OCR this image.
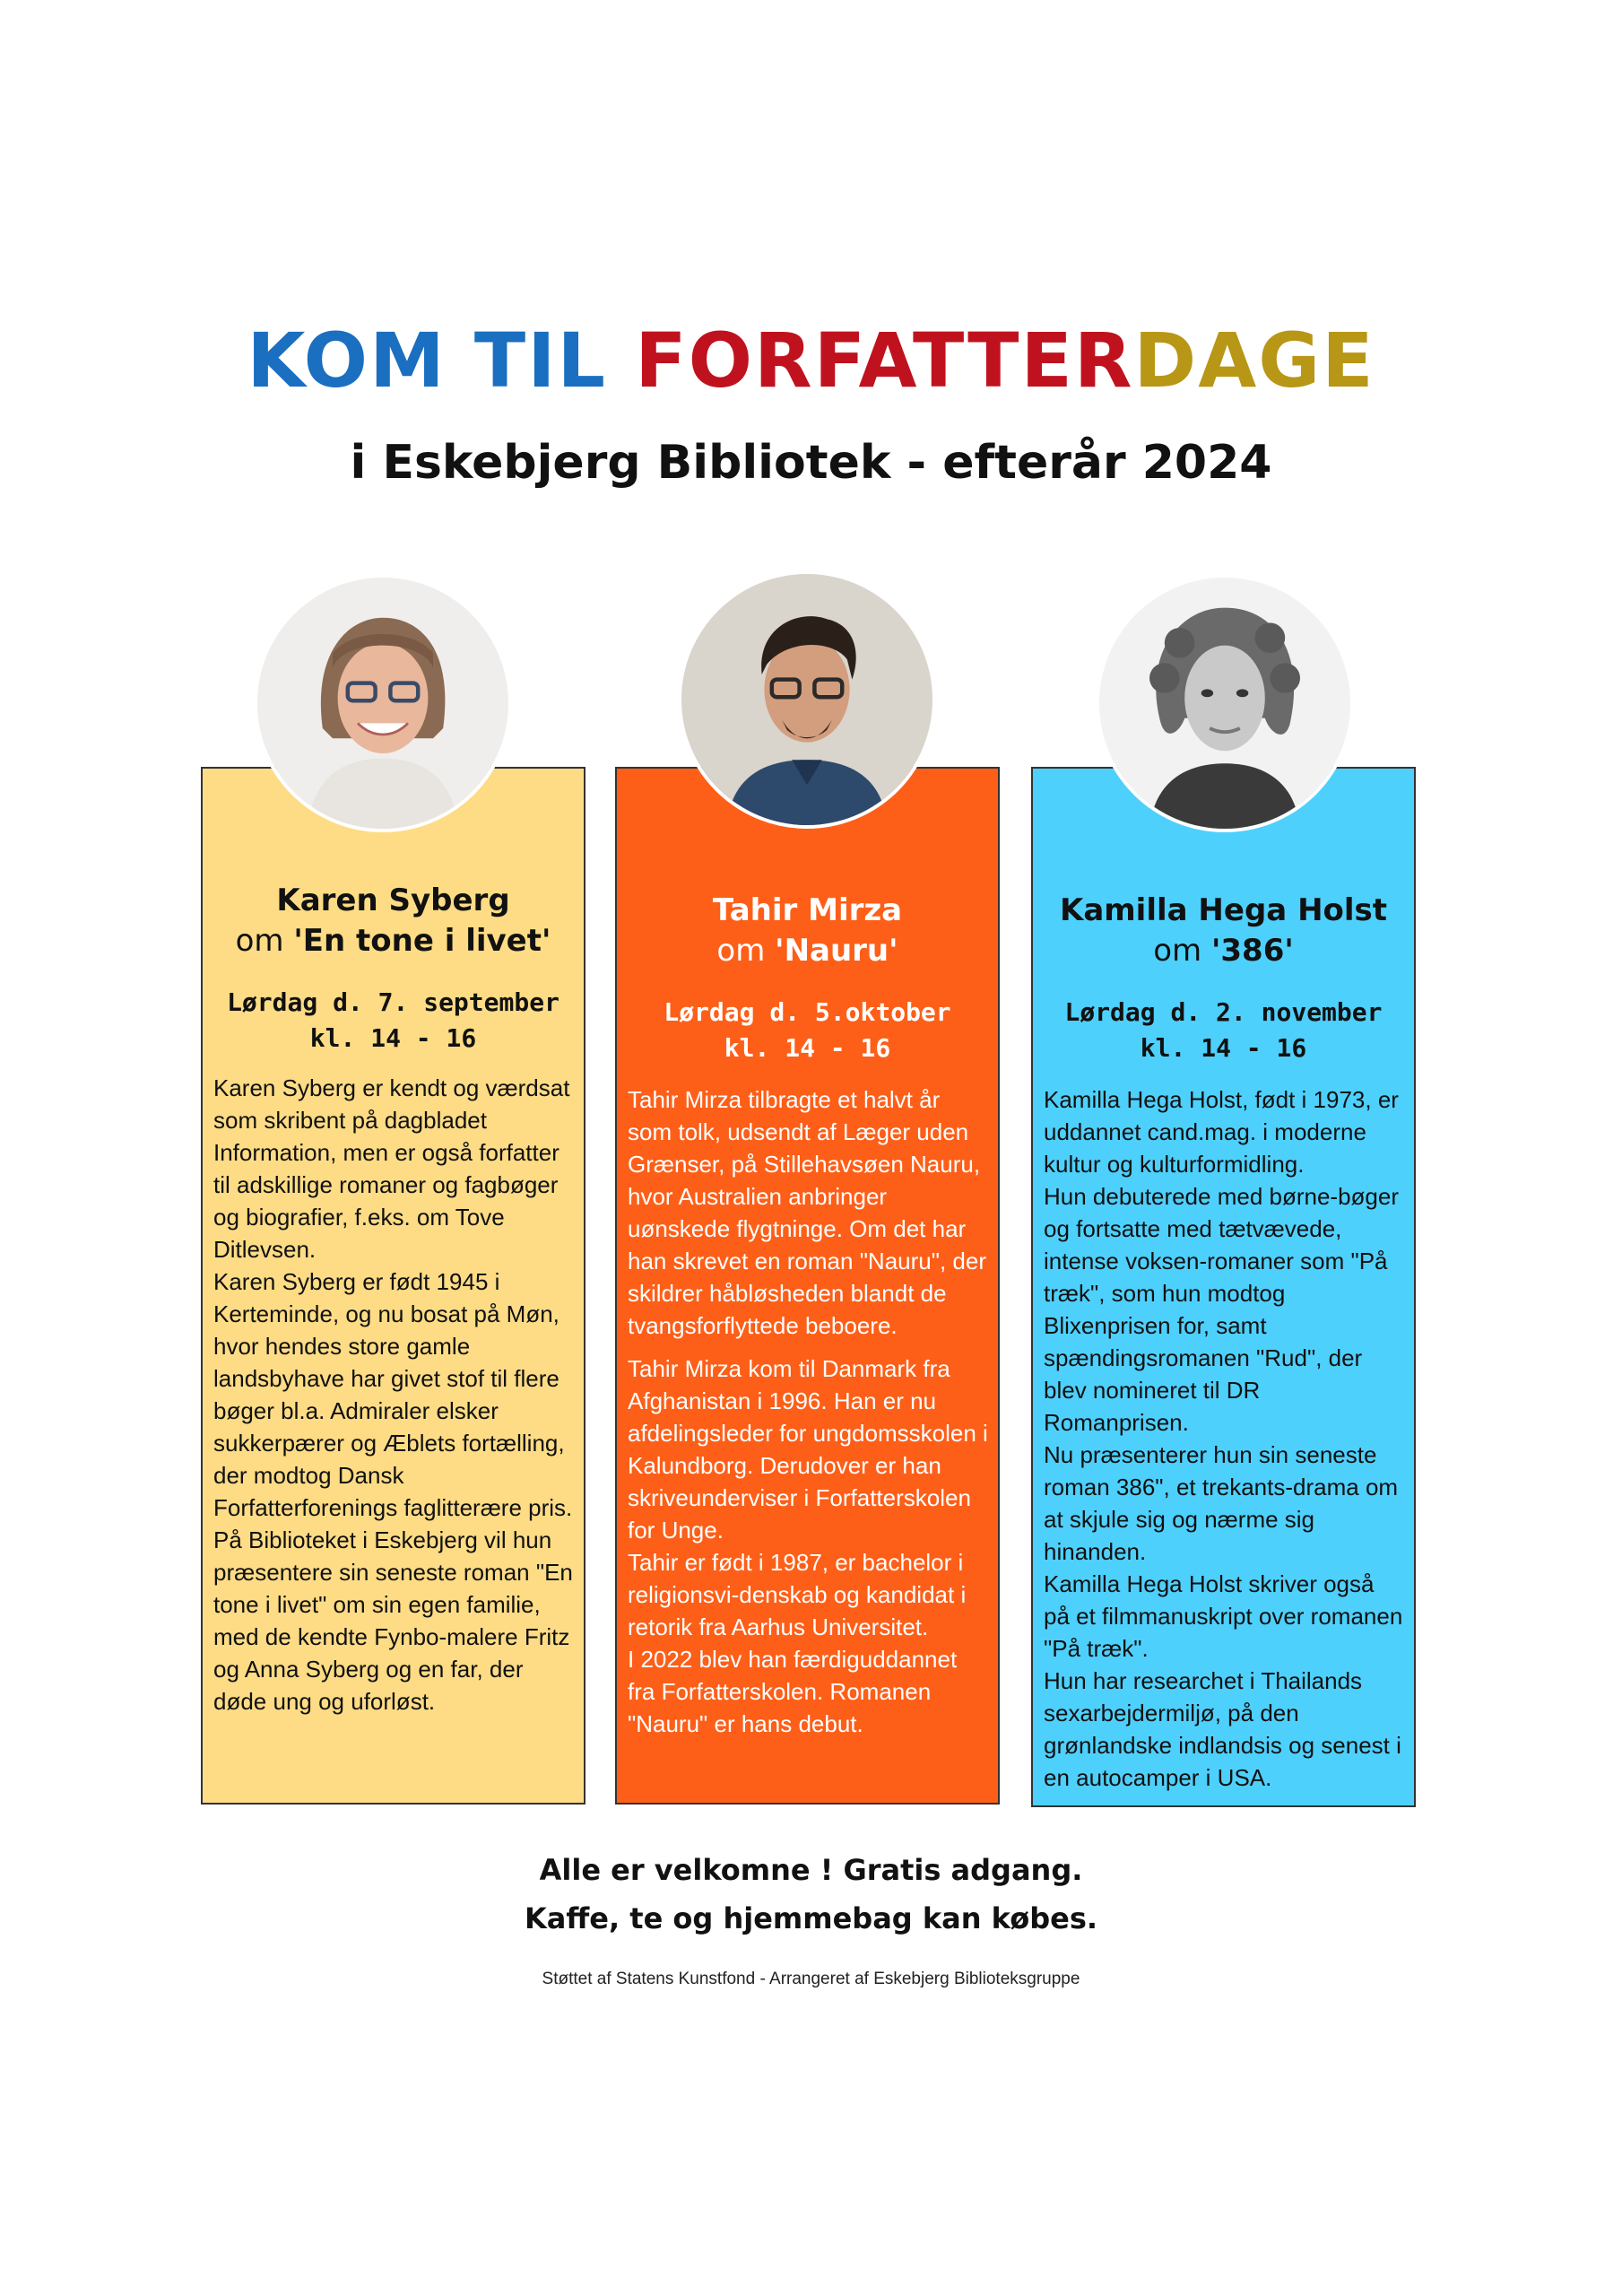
KOM TIL FORFATTERDAGE
i Eskebjerg Bibliotek - efterår 2024
Karen Syberg
om 'En tone i livet'
Lørdag d. 7. september
kl. 14 - 16

Karen Syberg er kendt og værdsat som skribent på dagbladet Information, men er også forfatter til adskillige romaner og fagbøger og biografier, f.eks. om Tove Ditlevsen.

Karen Syberg er født 1945 i Kerteminde, og nu bosat på Møn, hvor hendes store gamle landsbyhave har givet stof til flere bøger bl.a. Admiraler elsker sukkerpærer og Æblets fortælling, der modtog Dansk Forfatterforenings faglitterære pris.

På Biblioteket i Eskebjerg vil hun præsentere sin seneste roman "En tone i livet" om sin egen familie, med de kendte Fynbo-malere Fritz og Anna Syberg og en far, der døde ung og uforløst.

Tahir Mirza
om 'Nauru'
Lørdag d. 5.oktober
kl. 14 - 16

Tahir Mirza tilbragte et halvt år som tolk, udsendt af Læger uden Grænser, på Stillehavsøen Nauru, hvor Australien anbringer uønskede flygtninge. Om det har han skrevet en roman "Nauru", der skildrer håbløsheden blandt de tvangsforflyttede beboere.

Tahir Mirza kom til Danmark fra Afghanistan i 1996. Han er nu afdelingsleder for ungdomsskolen i Kalundborg. Derudover er han skriveunderviser i Forfatterskolen for Unge.

Tahir er født i 1987, er bachelor i religionsvi-denskab og kandidat i retorik fra Aarhus Universitet.

I 2022 blev han færdiguddannet fra Forfatterskolen. Romanen "Nauru" er hans debut.

Kamilla Hega Holst
om '386'
Lørdag d. 2. november
kl. 14 - 16

Kamilla Hega Holst, født i 1973, er uddannet cand.mag. i moderne kultur og kulturformidling.

Hun debuterede med børne-bøger og fortsatte med tætvævede, intense voksen-romaner som "På træk", som hun modtog Blixenprisen for, samt spændingsromanen "Rud", der blev nomineret til DR Romanprisen.

Nu præsenterer hun sin seneste roman 386", et trekants-drama om at skjule sig og nærme sig hinanden.

Kamilla Hega Holst skriver også på et filmmanuskript over romanen "På træk".

Hun har researchet i Thailands sexarbejdermiljø, på den grønlandske indlandsis og senest i en autocamper i USA.

Alle er velkomne ! Gratis adgang.
Kaffe, te og hjemmebag kan købes.
Støttet af Statens Kunstfond - Arrangeret af Eskebjerg Biblioteksgruppe
